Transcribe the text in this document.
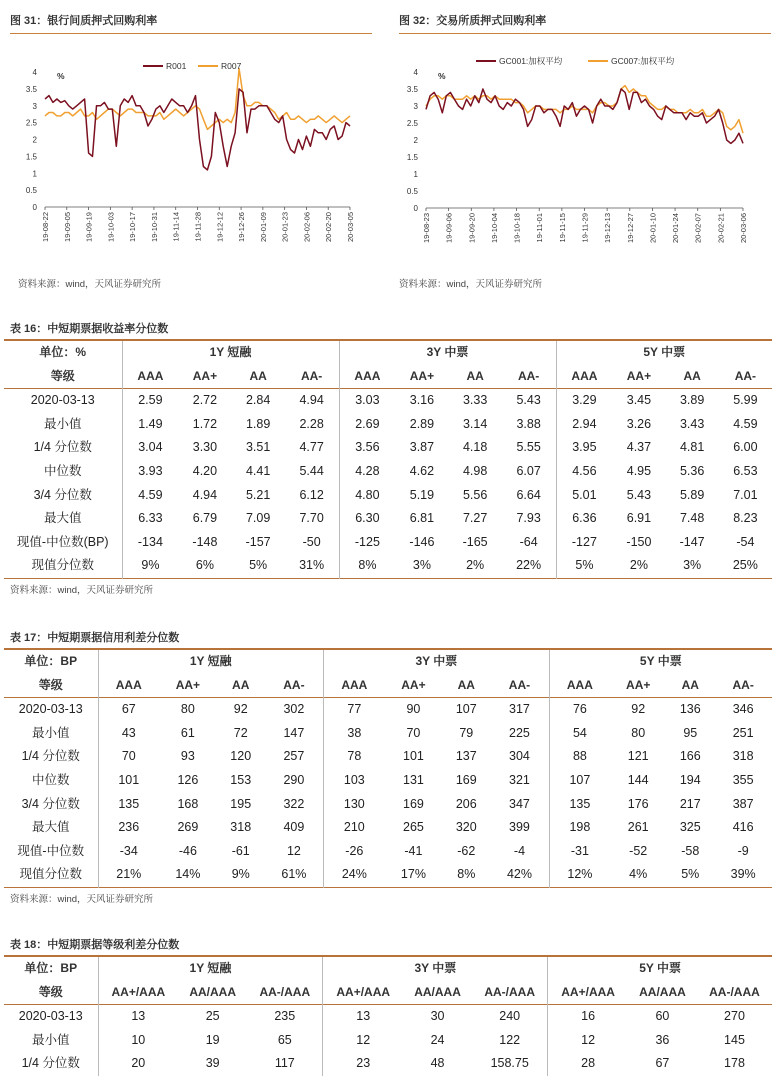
图 31：银行间质押式回购利率
0
0.5
1
1.5
2
2.5
3
3.5
4 %
19-08-22 19-09-05 19-09-19 19-10-03 19-10-17 19-10-31 19-11-14 19-11-28 19-12-12 19-12-26 20-01-09 20-01-23 20-02-06 20-02-20 20-03-05
R001	R007
资料来源：wind，天风证券研究所
图 32：交易所质押式回购利率
0
0.5
1
1.5
2
2.5
3
3.5
4 %
19-08-23 19-09-06 19-09-20 19-10-04 19-10-18 19-11-01 19-11-15 19-11-29 19-12-13 19-12-27 20-01-10 20-01-24 20-02-07 20-02-21 20-03-06
GC001:加权平均	GC007:加权平均
资料来源：wind，天风证券研究所
表 16：中短期票据收益率分位数
单位：%	1Y 短融				3Y 中票				5Y 中票			
等级	AAA	AA+	AA	AA-	AAA	AA+	AA	AA-	AAA	AA+	AA	AA-
2020-03-13	2.59	2.72	2.84	4.94	3.03	3.16	3.33	5.43	3.29	3.45	3.89	5.99
最小值	1.49	1.72	1.89	2.28	2.69	2.89	3.14	3.88	2.94	3.26	3.43	4.59
1/4 分位数	3.04	3.30	3.51	4.77	3.56	3.87	4.18	5.55	3.95	4.37	4.81	6.00
中位数	3.93	4.20	4.41	5.44	4.28	4.62	4.98	6.07	4.56	4.95	5.36	6.53
3/4 分位数	4.59	4.94	5.21	6.12	4.80	5.19	5.56	6.64	5.01	5.43	5.89	7.01
最大值	6.33	6.79	7.09	7.70	6.30	6.81	7.27	7.93	6.36	6.91	7.48	8.23
现值-中位数(BP)	-134	-148	-157	-50	-125	-146	-165	-64	-127	-150	-147	-54
现值分位数	9%	6%	5%	31%	8%	3%	2%	22%	5%	2%	3%	25%
资料来源：wind，天风证券研究所
表 17：中短期票据信用利差分位数
单位：BP	1Y 短融				3Y 中票				5Y 中票			
等级	AAA	AA+	AA	AA-	AAA	AA+	AA	AA-	AAA	AA+	AA	AA-
2020-03-13	67	80	92	302	77	90	107	317	76	92	136	346
最小值	43	61	72	147	38	70	79	225	54	80	95	251
1/4 分位数	70	93	120	257	78	101	137	304	88	121	166	318
中位数	101	126	153	290	103	131	169	321	107	144	194	355
3/4 分位数	135	168	195	322	130	169	206	347	135	176	217	387
最大值	236	269	318	409	210	265	320	399	198	261	325	416
现值-中位数	-34	-46	-61	12	-26	-41	-62	-4	-31	-52	-58	-9
现值分位数	21%	14%	9%	61%	24%	17%	8%	42%	12%	4%	5%	39%
资料来源：wind，天风证券研究所
表 18：中短期票据等级利差分位数
单位：BP	1Y 短融			3Y 中票			5Y 中票		
等级	AA+/AAA	AA/AAA	AA-/AAA	AA+/AAA	AA/AAA	AA-/AAA	AA+/AAA	AA/AAA	AA-/AAA
2020-03-13	13	25	235	13	30	240	16	60	270
最小值	10	19	65	12	24	122	12	36	145
1/4 分位数	20	39	117	23	48	158.75	28	67	178
